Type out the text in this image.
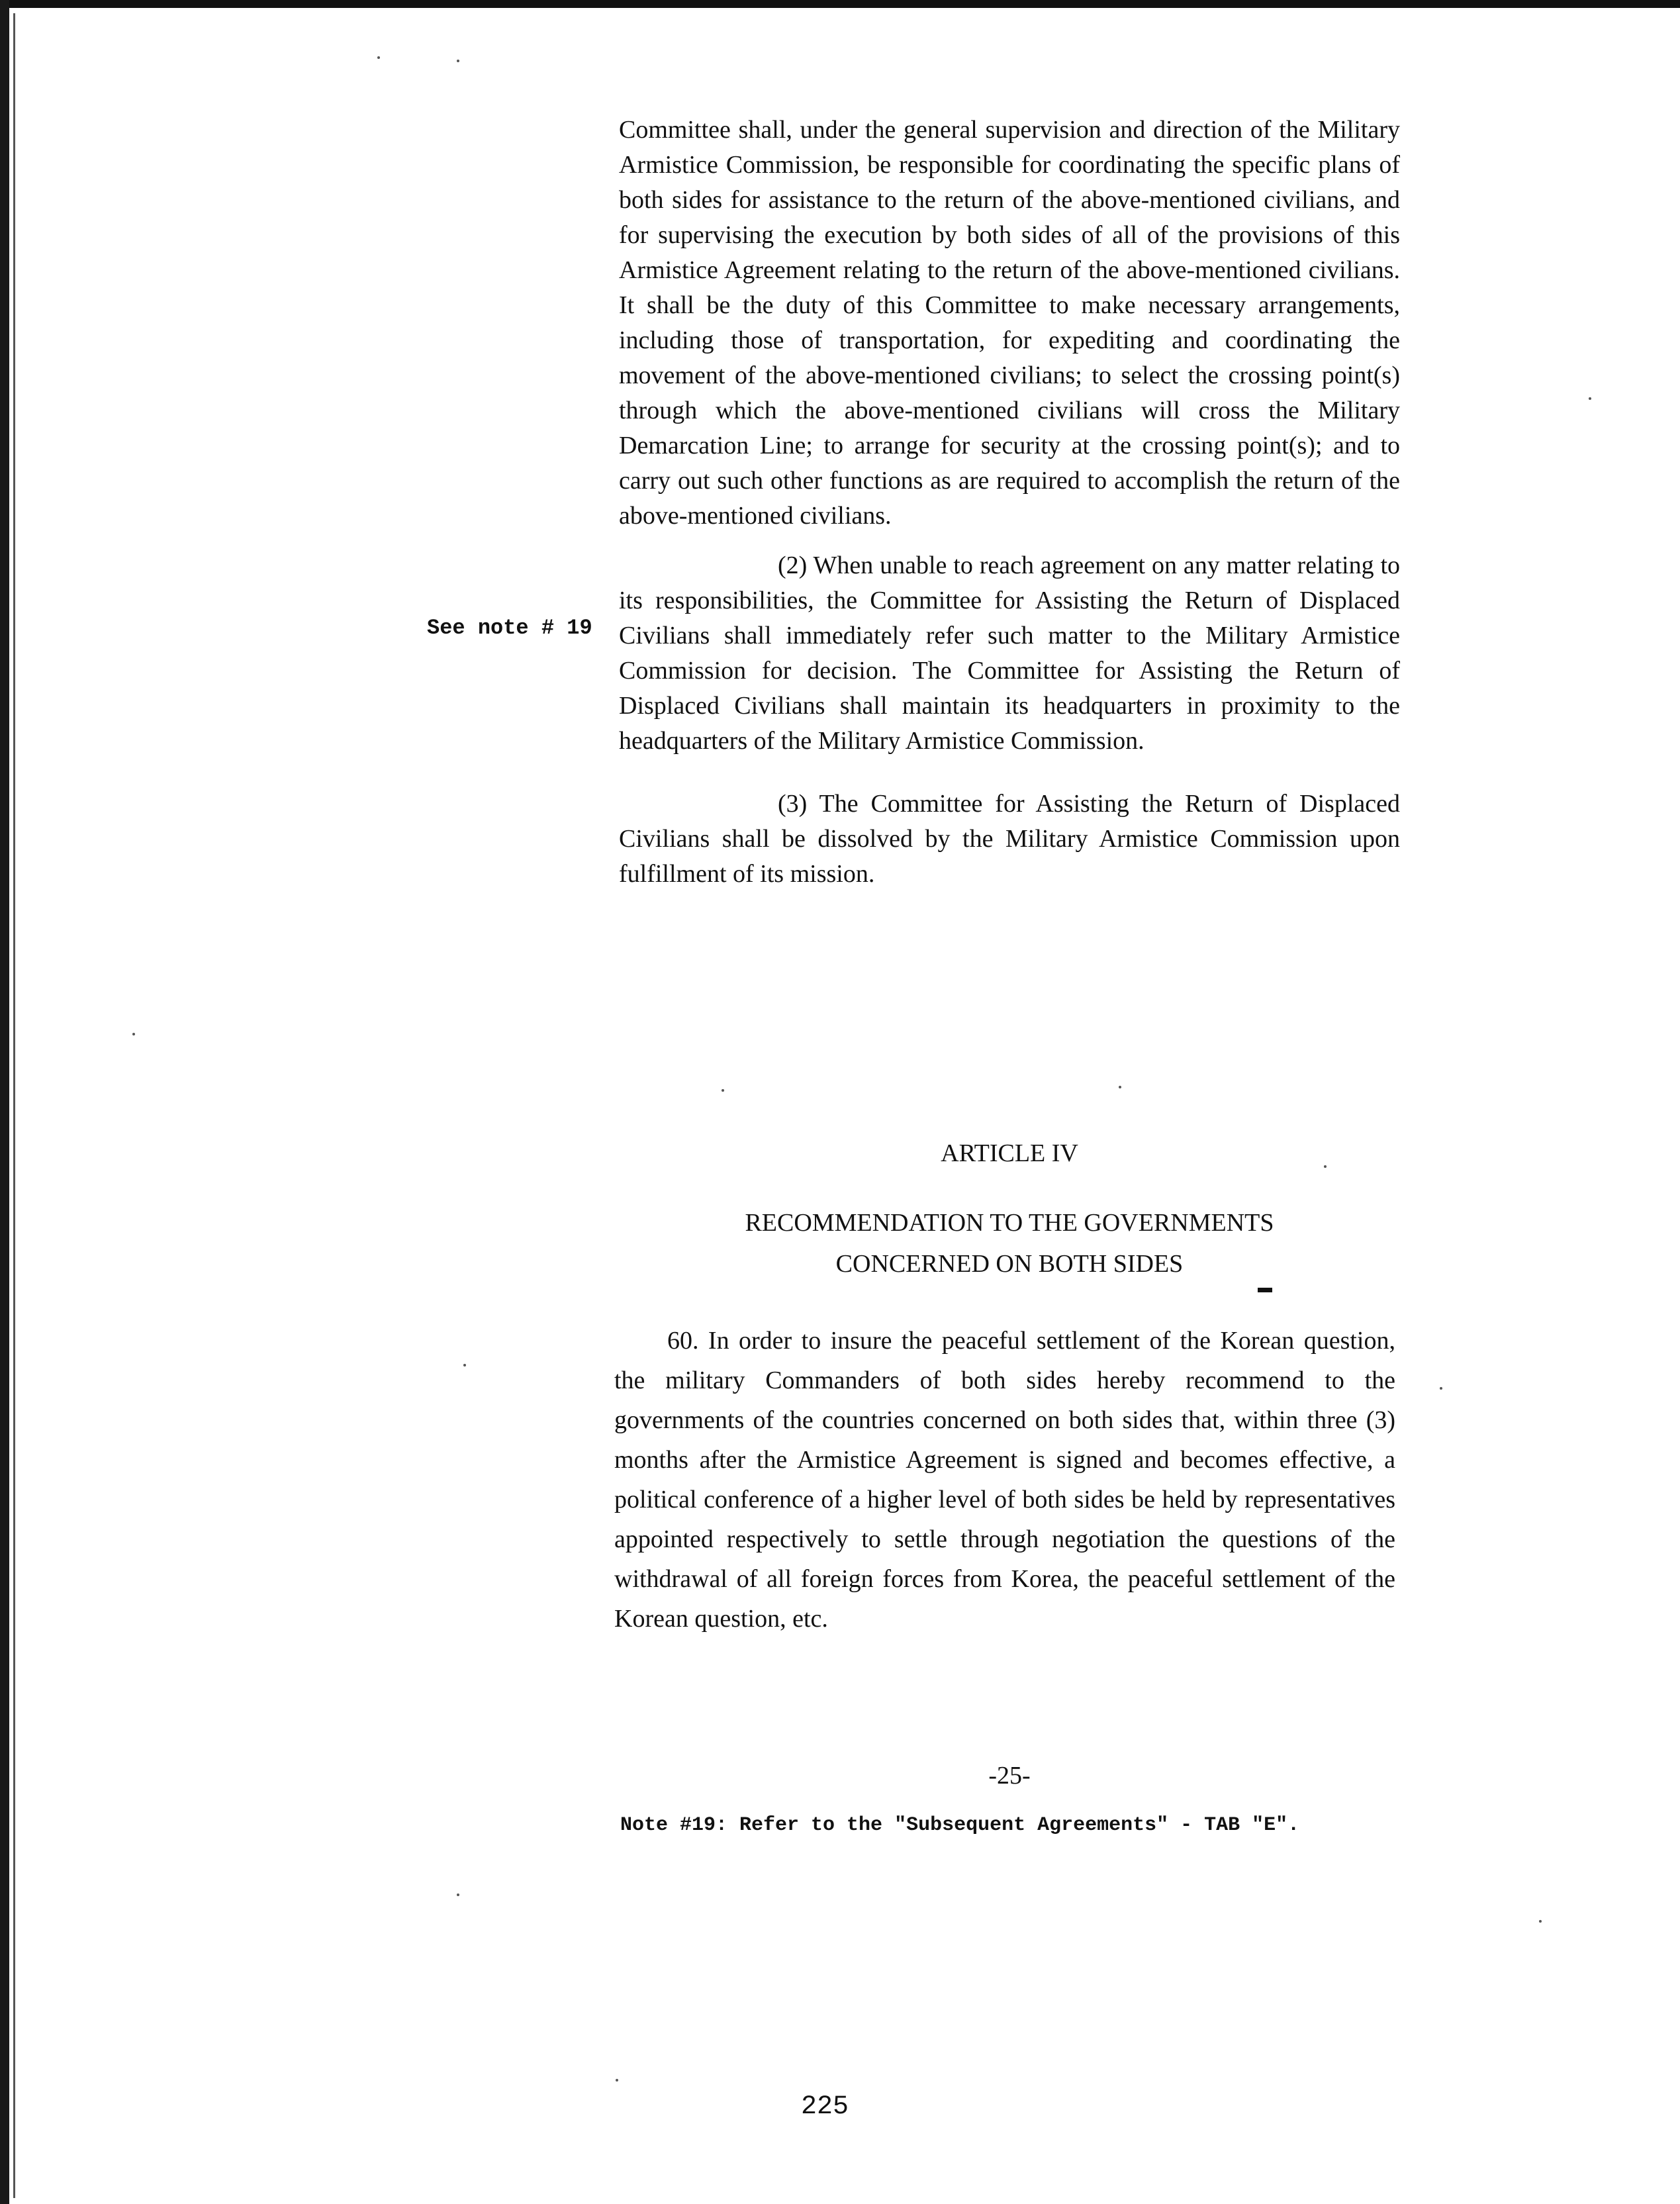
See note # 19

Committee shall, under the general supervision and direction of the Military Armistice Commission, be responsible for coordinating the specific plans of both sides for assistance to the return of the above-mentioned civilians, and for supervising the execution by both sides of all of the provisions of this Armistice Agreement relating to the return of the above-mentioned civilians. It shall be the duty of this Committee to make necessary arrangements, including those of transportation, for expediting and coordinating the movement of the above-mentioned civilians; to select the crossing point(s) through which the above-mentioned civilians will cross the Military Demarcation Line; to arrange for security at the crossing point(s); and to carry out such other functions as are required to accomplish the return of the above-mentioned civilians.

(2) When unable to reach agreement on any matter relating to its responsibilities, the Committee for Assisting the Return of Displaced Civilians shall immediately refer such matter to the Military Armistice Commission for decision. The Committee for Assisting the Return of Displaced Civilians shall maintain its headquarters in proximity to the headquarters of the Military Armistice Commission.

(3) The Committee for Assisting the Return of Displaced Civilians shall be dissolved by the Military Armistice Commission upon fulfillment of its mission.

ARTICLE IV
RECOMMENDATION TO THE GOVERNMENTS
CONCERNED ON BOTH SIDES

60. In order to insure the peaceful settlement of the Korean question, the military Commanders of both sides hereby recommend to the governments of the countries concerned on both sides that, within three (3) months after the Armistice Agreement is signed and becomes effective, a political conference of a higher level of both sides be held by representatives appointed respectively to settle through negotiation the questions of the withdrawal of all foreign forces from Korea, the peaceful settlement of the Korean question, etc.

-25-
Note #19: Refer to the "Subsequent Agreements" - TAB "E".
225
